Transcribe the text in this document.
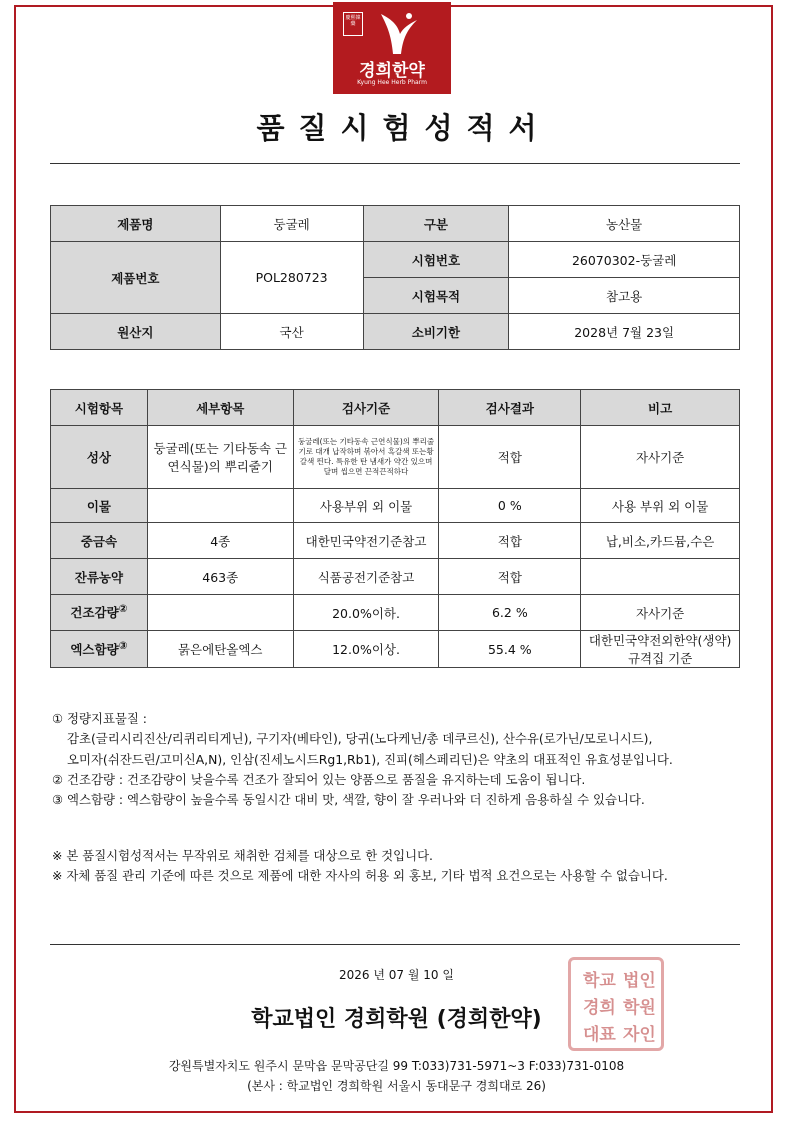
慶熙韓藥
경희한약
Kyung Hee Herb Pharm
품질시험성적서
제품명	둥굴레	구분	농산물
제품번호	POL280723	시험번호	26070302-둥굴레
		시험목적	참고용
원산지	국산	소비기한	2028년 7월 23일
시험항목	세부항목	검사기준	검사결과	비고
성상	둥굴레(또는 기타동속 근연식물)의 뿌리줄기	둥굴레(또는 기타동속 근연식물)의 뿌리줄기로 대개 납작하며 볶아서 흑갈색 또는황갈색 띈다. 특유한 탄 냄새가 약간 있으며 달며 씹으면 끈적끈적하다	적합	자사기준
이물		사용부위 외 이물	0 %	사용 부위 외 이물
중금속	4종	대한민국약전기준참고	적합	납,비소,카드뮴,수은
잔류농약	463종	식품공전기준참고	적합	
건조감량②		20.0%이하.	6.2 %	자사기준
엑스함량③	묽은에탄올엑스	12.0%이상.	55.4 %	대한민국약전외한약(생약) 규격집 기준
① 정량지표물질 :
감초(글리시리진산/리퀴리티게닌), 구기자(베타인), 당귀(노다케닌/총 데쿠르신), 산수유(로가닌/모로니시드),
오미자(쉬잔드린/고미신A,N), 인삼(진세노시드Rg1,Rb1), 진피(헤스페리딘)은 약초의 대표적인 유효성분입니다.
② 건조감량 : 건조감량이 낮을수록 건조가 잘되어 있는 양품으로 품질을 유지하는데 도움이 됩니다.
③ 엑스함량 : 엑스함량이 높을수록 동일시간 대비 맛, 색깔, 향이 잘 우러나와 더 진하게 음용하실 수 있습니다.
※ 본 품질시험성적서는 무작위로 채취한 검체를 대상으로 한 것입니다.
※ 자체 품질 관리 기준에 따른 것으로 제품에 대한 자사의 허용 외 홍보, 기타 법적 요건으로는 사용할 수 없습니다.
2026 년 07 월 10 일	학교 법인
경희 학원
대표 자인
학교법인 경희학원 (경희한약)
강원특별자치도 원주시 문막읍 문막공단길 99 T:033)731-5971~3 F:033)731-0108
(본사 : 학교법인 경희학원 서울시 동대문구 경희대로 26)
